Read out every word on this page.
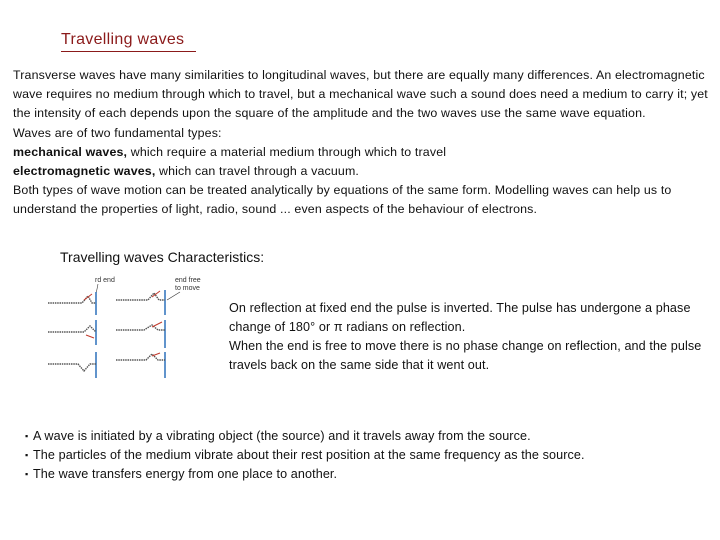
Travelling waves

Transverse waves have many similarities to longitudinal waves, but there are equally many differences. An electromagnetic wave requires no medium through which to travel, but a mechanical wave such a sound does need a medium to carry it; yet the intensity of each depends upon the square of the amplitude and the two waves use the same wave equation.

Waves are of two fundamental types:

mechanical waves, which require a material medium through which to travel

electromagnetic waves, which can travel through a vacuum.

Both types of wave motion can be treated analytically by equations of the same form. Modelling waves can help us to understand the properties of light, radio, sound ... even aspects of the behaviour of electrons.

Travelling waves Characteristics:
rd end	end free
to move

On reflection at fixed end the pulse is inverted. The pulse has undergone a phase change of 180° or π radians on reflection.

When the end is free to move there is no phase change on reflection, and the pulse travels back on the same side that it went out.

▪ A wave is initiated by a vibrating object (the source) and it travels away from the source.
▪ The particles of the medium vibrate about their rest position at the same frequency as the source.
▪ The wave transfers energy from one place to another.
